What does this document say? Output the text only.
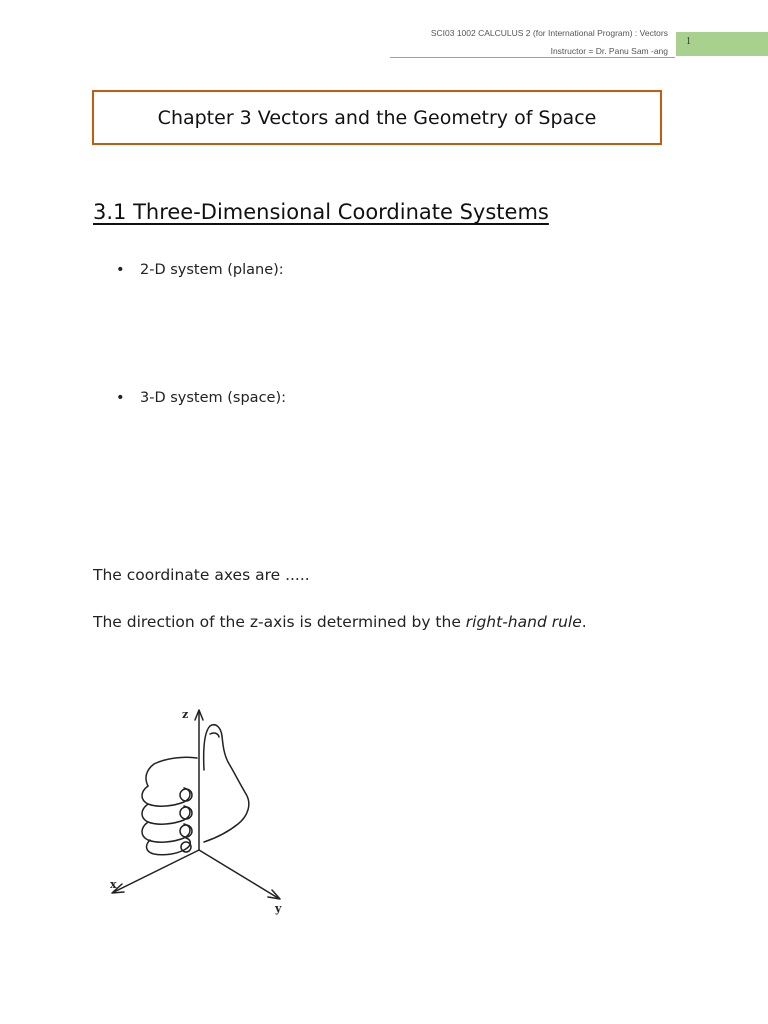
SCI03 1002 CALCULUS 2 (for International Program) : Vectors
Instructor = Dr. Panu Sam -ang
1
Chapter 3 Vectors and the Geometry of Space
3.1 Three-Dimensional Coordinate Systems
• 2-D system (plane):
• 3-D system (space):
The coordinate axes are .....
The direction of the z-axis is determined by the right-hand rule.
z
x
y
